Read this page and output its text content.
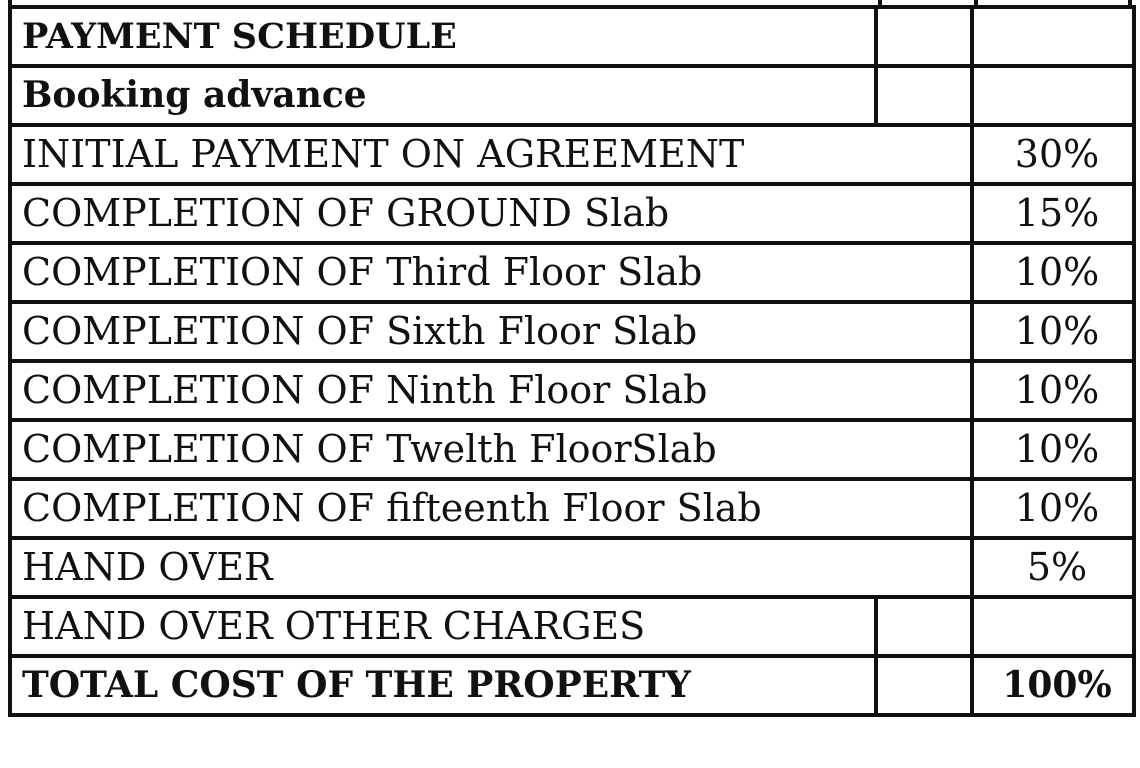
PAYMENT SCHEDULE		
Booking advance		
INITIAL PAYMENT ON AGREEMENT		30%
COMPLETION OF GROUND Slab		15%
COMPLETION OF Third Floor Slab		10%
COMPLETION OF Sixth Floor Slab		10%
COMPLETION OF Ninth Floor Slab		10%
COMPLETION OF Twelth FloorSlab		10%
COMPLETION OF fifteenth Floor Slab		10%
HAND OVER		5%
HAND OVER OTHER CHARGES		
TOTAL COST OF THE PROPERTY		100%
